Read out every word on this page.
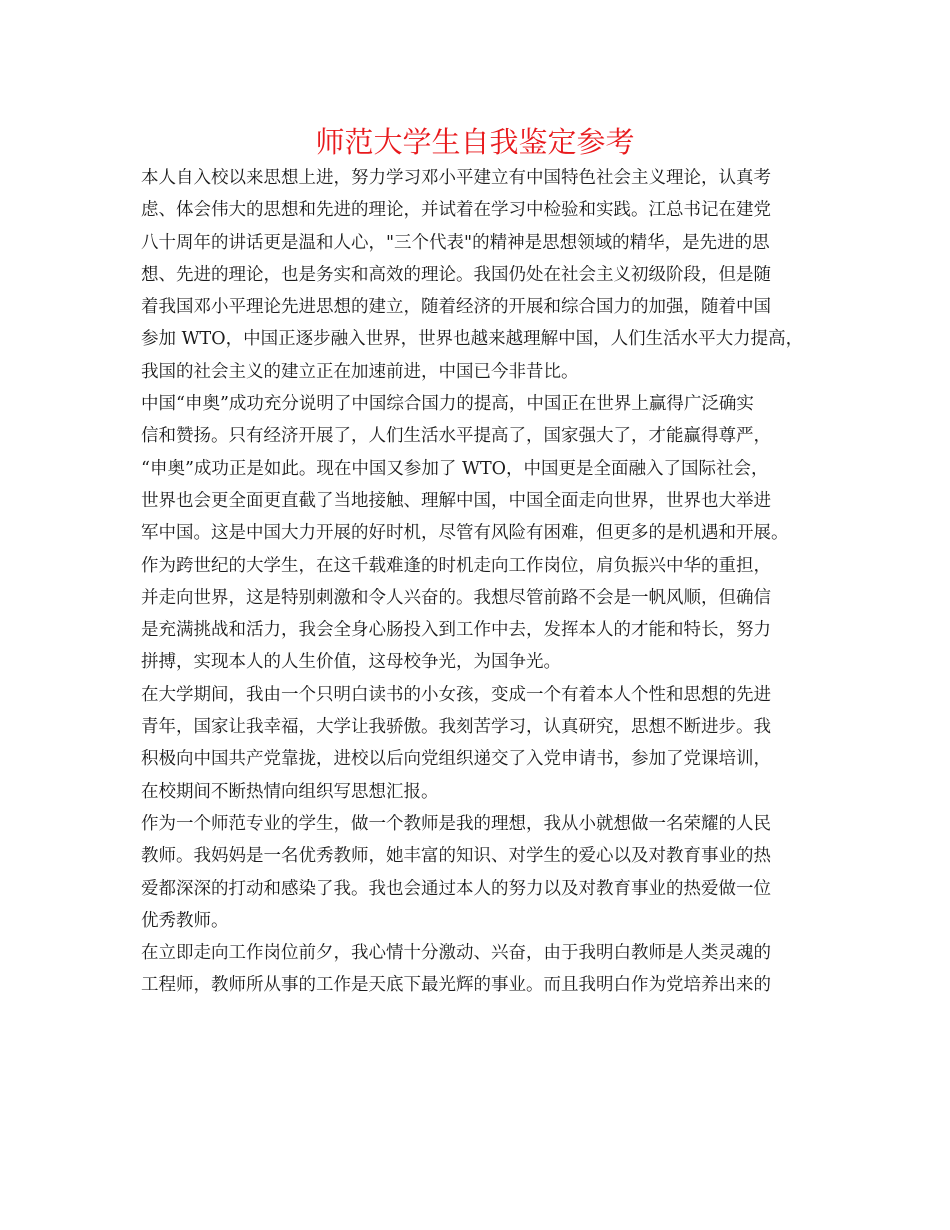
师范大学生自我鉴定参考
本人自入校以来思想上进，努力学习邓小平建立有中国特色社会主义理论，认真考
虑、体会伟大的思想和先进的理论，并试着在学习中检验和实践。江总书记在建党
八十周年的讲话更是温和人心，"三个代表"的精神是思想领域的精华，是先进的思
想、先进的理论，也是务实和高效的理论。我国仍处在社会主义初级阶段，但是随
着我国邓小平理论先进思想的建立，随着经济的开展和综合国力的加强，随着中国
参加 WTO，中国正逐步融入世界，世界也越来越理解中国，人们生活水平大力提高，
我国的社会主义的建立正在加速前进，中国已今非昔比。
中国“申奥”成功充分说明了中国综合国力的提高，中国正在世界上赢得广泛确实
信和赞扬。只有经济开展了，人们生活水平提高了，国家强大了，才能赢得尊严，
“申奥”成功正是如此。现在中国又参加了 WTO，中国更是全面融入了国际社会，
世界也会更全面更直截了当地接触、理解中国，中国全面走向世界，世界也大举进
军中国。这是中国大力开展的好时机，尽管有风险有困难，但更多的是机遇和开展。
作为跨世纪的大学生，在这千载难逢的时机走向工作岗位，肩负振兴中华的重担，
并走向世界，这是特别刺激和令人兴奋的。我想尽管前路不会是一帆风顺，但确信
是充满挑战和活力，我会全身心肠投入到工作中去，发挥本人的才能和特长，努力
拼搏，实现本人的人生价值，这母校争光，为国争光。
在大学期间，我由一个只明白读书的小女孩，变成一个有着本人个性和思想的先进
青年，国家让我幸福，大学让我骄傲。我刻苦学习，认真研究，思想不断进步。我
积极向中国共产党靠拢，进校以后向党组织递交了入党申请书，参加了党课培训，
在校期间不断热情向组织写思想汇报。
作为一个师范专业的学生，做一个教师是我的理想，我从小就想做一名荣耀的人民
教师。我妈妈是一名优秀教师，她丰富的知识、对学生的爱心以及对教育事业的热
爱都深深的打动和感染了我。我也会通过本人的努力以及对教育事业的热爱做一位
优秀教师。
在立即走向工作岗位前夕，我心情十分激动、兴奋，由于我明白教师是人类灵魂的
工程师，教师所从事的工作是天底下最光辉的事业。而且我明白作为党培养出来的
